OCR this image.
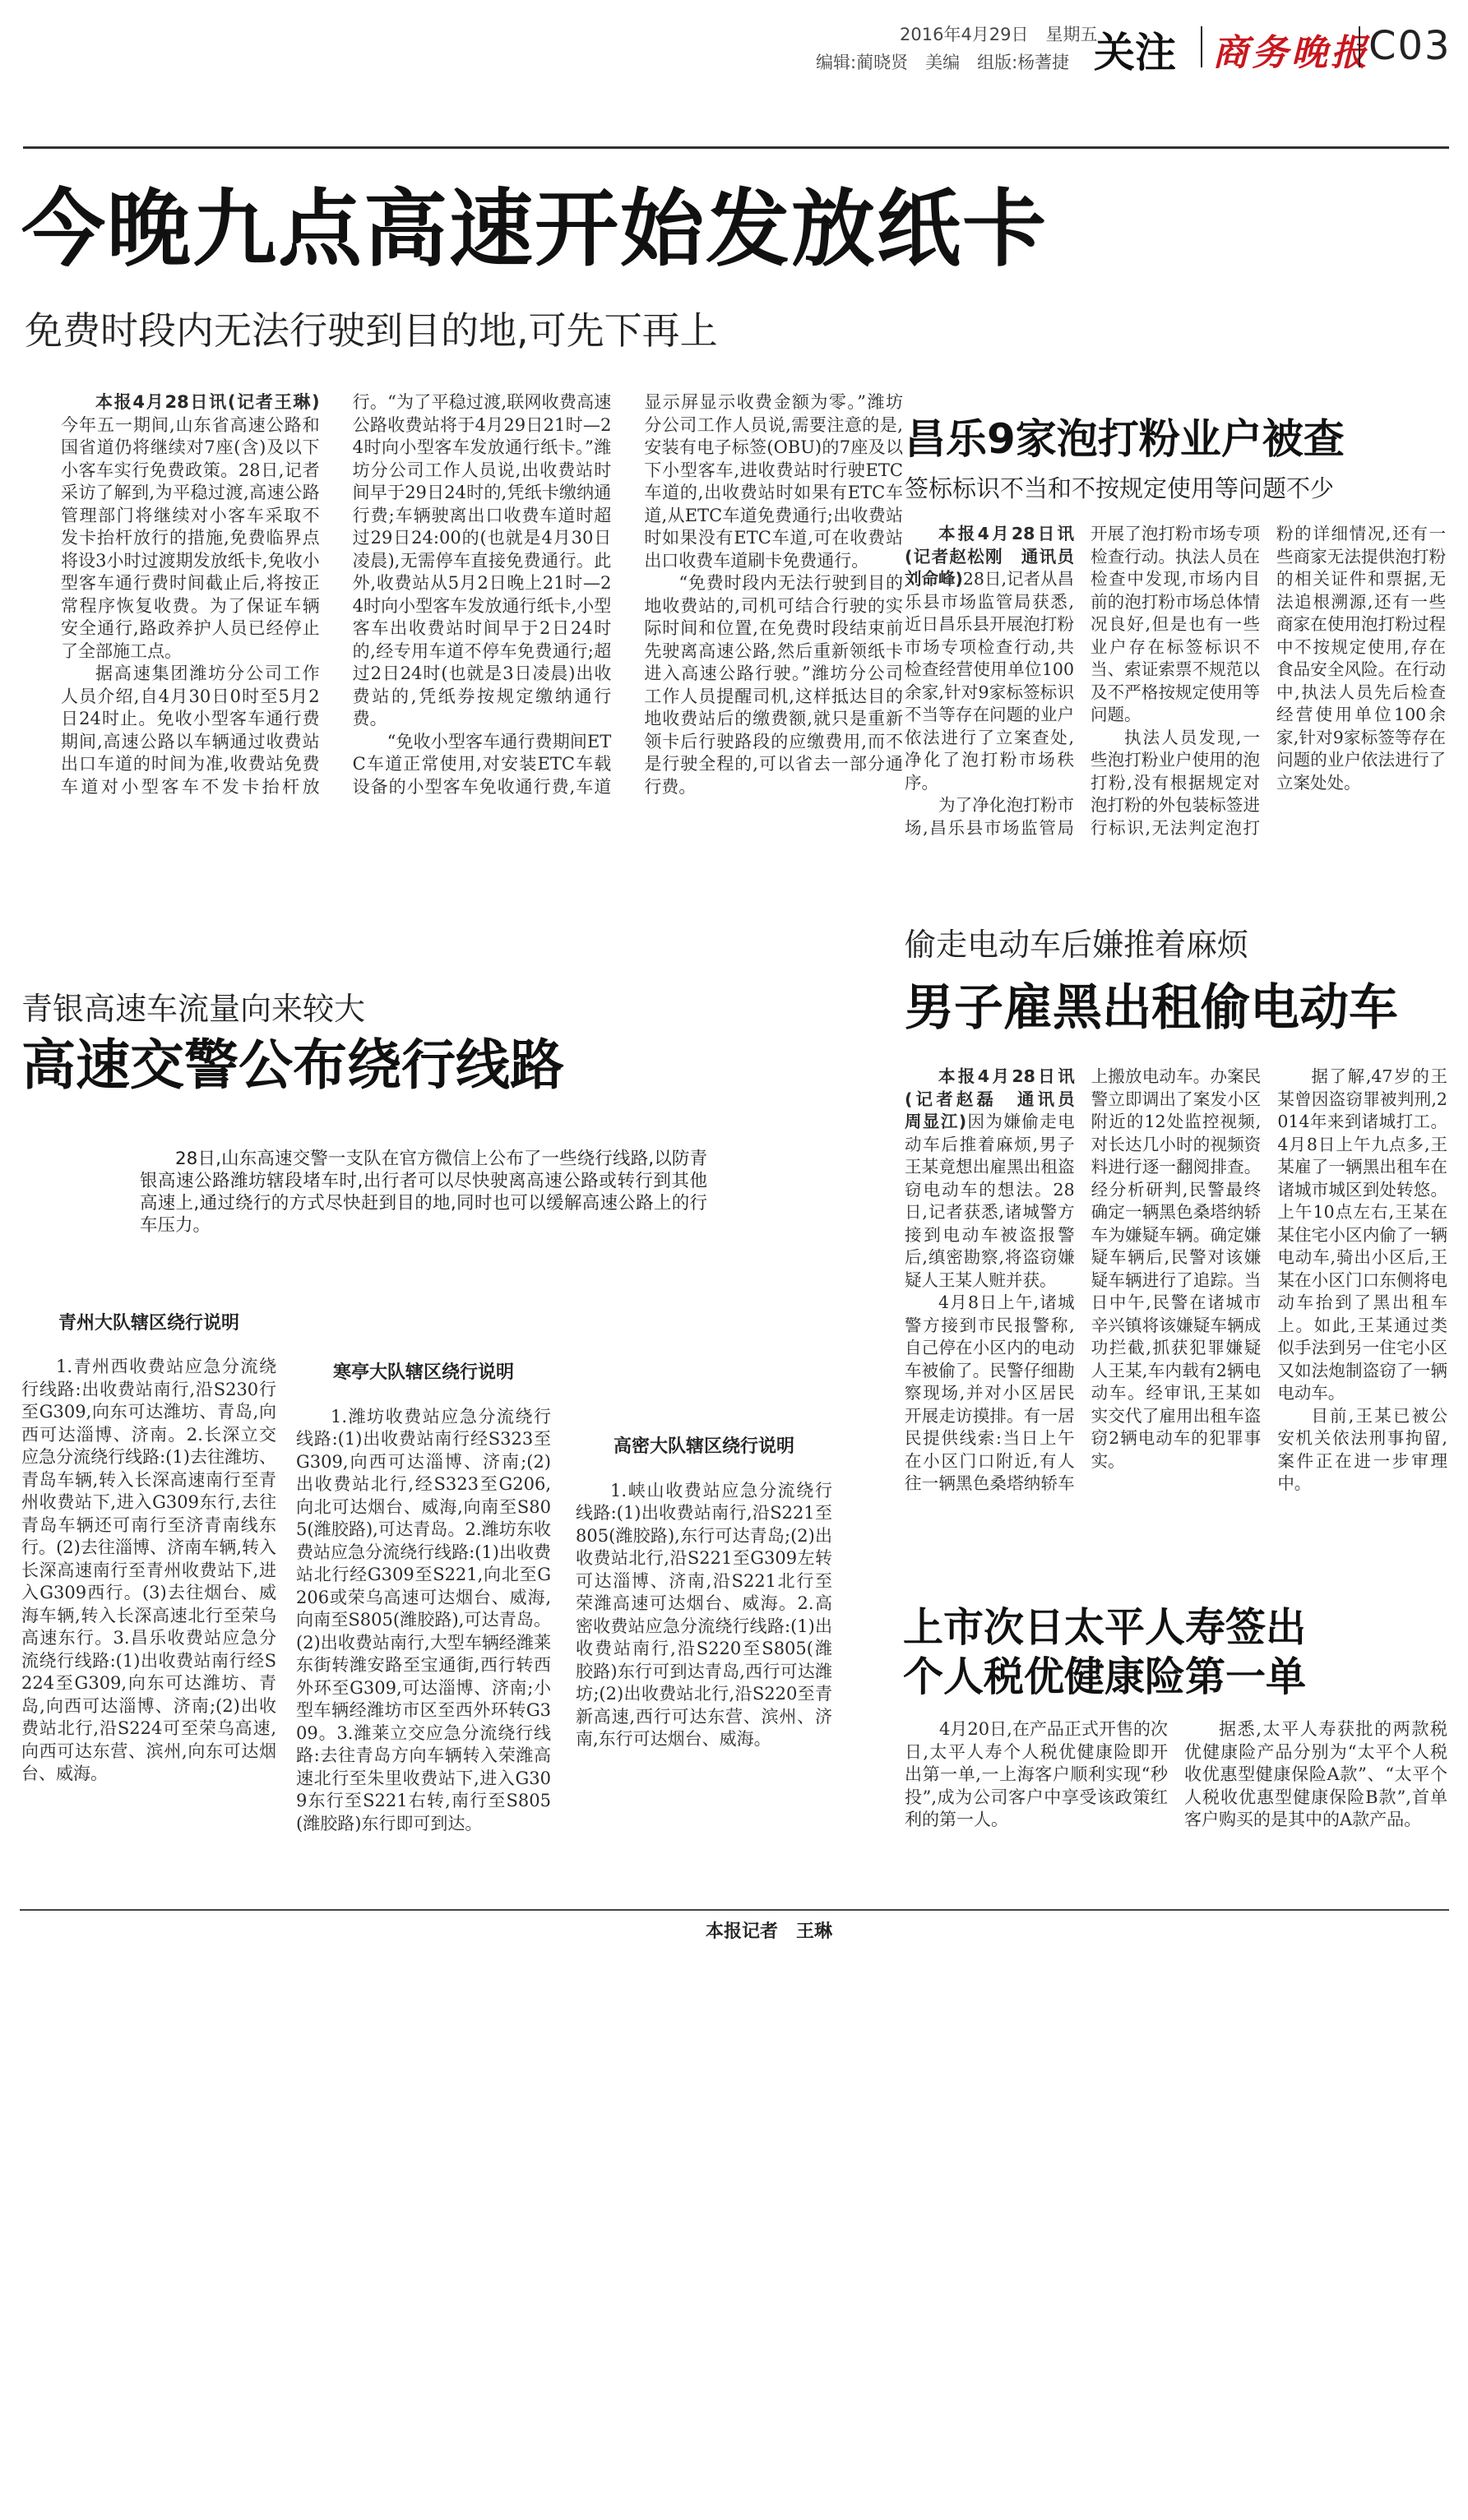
2016年4月29日　星期五
编辑:蔺晓贤　美编　组版:杨蓍捷 关注 商务晚报
C03
今晚九点高速开始发放纸卡
免费时段内无法行驶到目的地,可先下再上

本报4月28日讯(记者王琳)今年五一期间,山东省高速公路和国省道仍将继续对7座(含)及以下小客车实行免费政策。28日,记者采访了解到,为平稳过渡,高速公路管理部门将继续对小客车采取不发卡抬杆放行的措施,免费临界点将设3小时过渡期发放纸卡,免收小型客车通行费时间截止后,将按正常程序恢复收费。为了保证车辆安全通行,路政养护人员已经停止了全部施工点。

据高速集团潍坊分公司工作人员介绍,自4月30日0时至5月2日24时止。免收小型客车通行费期间,高速公路以车辆通过收费站出口车道的时间为准,收费站免费车道对小型客车不发卡抬杆放行。“为了平稳过渡,联网收费高速公路收费站将于4月29日21时—24时向小型客车发放通行纸卡。”潍坊分公司工作人员说,出收费站时间早于29日24时的,凭纸卡缴纳通行费;车辆驶离出口收费车道时超过29日24:00的(也就是4月30日凌晨),无需停车直接免费通行。此外,收费站从5月2日晚上21时—24时向小型客车发放通行纸卡,小型客车出收费站时间早于2日24时的,经专用车道不停车免费通行;超过2日24时(也就是3日凌晨)出收费站的,凭纸券按规定缴纳通行费。

“免收小型客车通行费期间ETC车道正常使用,对安装ETC车载设备的小型客车免收通行费,车道显示屏显示收费金额为零。”潍坊分公司工作人员说,需要注意的是,安装有电子标签(OBU)的7座及以下小型客车,进收费站时行驶ETC车道的,出收费站时如果有ETC车道,从ETC车道免费通行;出收费站时如果没有ETC车道,可在收费站出口收费车道刷卡免费通行。

“免费时段内无法行驶到目的地收费站的,司机可结合行驶的实际时间和位置,在免费时段结束前先驶离高速公路,然后重新领纸卡进入高速公路行驶。”潍坊分公司工作人员提醒司机,这样抵达目的地收费站后的缴费额,就只是重新领卡后行驶路段的应缴费用,而不是行驶全程的,可以省去一部分通行费。

昌乐9家泡打粉业户被查
签标标识不当和不按规定使用等问题不少

本报4月28日讯(记者赵松刚　通讯员　刘命峰)28日,记者从昌乐县市场监管局获悉,近日昌乐县开展泡打粉市场专项检查行动,共检查经营使用单位100余家,针对9家标签标识不当等存在问题的业户依法进行了立案查处,净化了泡打粉市场秩序。

为了净化泡打粉市场,昌乐县市场监管局开展了泡打粉市场专项检查行动。执法人员在检查中发现,市场内目前的泡打粉市场总体情况良好,但是也有一些业户存在标签标识不当、索证索票不规范以及不严格按规定使用等问题。

执法人员发现,一些泡打粉业户使用的泡打粉,没有根据规定对泡打粉的外包装标签进行标识,无法判定泡打粉的详细情况,还有一些商家无法提供泡打粉的相关证件和票据,无法追根溯源,还有一些商家在使用泡打粉过程中不按规定使用,存在食品安全风险。在行动中,执法人员先后检查经营使用单位100余家,针对9家标签等存在问题的业户依法进行了立案处处。

青银高速车流量向来较大
高速交警公布绕行线路

28日,山东高速交警一支队在官方微信上公布了一些绕行线路,以防青银高速公路潍坊辖段堵车时,出行者可以尽快驶离高速公路或转行到其他高速上,通过绕行的方式尽快赶到目的地,同时也可以缓解高速公路上的行车压力。

青州大队辖区绕行说明

1.青州西收费站应急分流绕行线路:出收费站南行,沿S230行至G309,向东可达潍坊、青岛,向西可达淄博、济南。2.长深立交应急分流绕行线路:(1)去往潍坊、青岛车辆,转入长深高速南行至青州收费站下,进入G309东行,去往青岛车辆还可南行至济青南线东行。(2)去往淄博、济南车辆,转入长深高速南行至青州收费站下,进入G309西行。(3)去往烟台、威海车辆,转入长深高速北行至荣乌高速东行。3.昌乐收费站应急分流绕行线路:(1)出收费站南行经S224至G309,向东可达潍坊、青岛,向西可达淄博、济南;(2)出收费站北行,沿S224可至荣乌高速,向西可达东营、滨州,向东可达烟台、威海。

寒亭大队辖区绕行说明

1.潍坊收费站应急分流绕行线路:(1)出收费站南行经S323至G309,向西可达淄博、济南;(2)出收费站北行,经S323至G206,向北可达烟台、威海,向南至S805(潍胶路),可达青岛。2.潍坊东收费站应急分流绕行线路:(1)出收费站北行经G309至S221,向北至G206或荣乌高速可达烟台、威海,向南至S805(潍胶路),可达青岛。(2)出收费站南行,大型车辆经潍莱东街转潍安路至宝通街,西行转西外环至G309,可达淄博、济南;小型车辆经潍坊市区至西外环转G309。3.潍莱立交应急分流绕行线路:去往青岛方向车辆转入荣潍高速北行至朱里收费站下,进入G309东行至S221右转,南行至S805(潍胶路)东行即可到达。

高密大队辖区绕行说明

1.峡山收费站应急分流绕行线路:(1)出收费站南行,沿S221至805(潍胶路),东行可达青岛;(2)出收费站北行,沿S221至G309左转可达淄博、济南,沿S221北行至荣潍高速可达烟台、威海。2.高密收费站应急分流绕行线路:(1)出收费站南行,沿S220至S805(潍胶路)东行可到达青岛,西行可达潍坊;(2)出收费站北行,沿S220至青新高速,西行可达东营、滨州、济南,东行可达烟台、威海。

本报记者　王琳
偷走电动车后嫌推着麻烦
男子雇黑出租偷电动车

本报4月28日讯(记者赵磊　通讯员　周显江)因为嫌偷走电动车后推着麻烦,男子王某竟想出雇黑出租盗窃电动车的想法。28日,记者获悉,诸城警方接到电动车被盗报警后,缜密勘察,将盗窃嫌疑人王某人赃并获。

4月8日上午,诸城警方接到市民报警称,自己停在小区内的电动车被偷了。民警仔细勘察现场,并对小区居民开展走访摸排。有一居民提供线索:当日上午在小区门口附近,有人往一辆黑色桑塔纳轿车上搬放电动车。办案民警立即调出了案发小区附近的12处监控视频,对长达几小时的视频资料进行逐一翻阅排查。经分析研判,民警最终确定一辆黑色桑塔纳轿车为嫌疑车辆。确定嫌疑车辆后,民警对该嫌疑车辆进行了追踪。当日中午,民警在诸城市辛兴镇将该嫌疑车辆成功拦截,抓获犯罪嫌疑人王某,车内载有2辆电动车。经审讯,王某如实交代了雇用出租车盗窃2辆电动车的犯罪事实。

据了解,47岁的王某曾因盗窃罪被判刑,2014年来到诸城打工。4月8日上午九点多,王某雇了一辆黑出租车在诸城市城区到处转悠。上午10点左右,王某在某住宅小区内偷了一辆电动车,骑出小区后,王某在小区门口东侧将电动车抬到了黑出租车上。如此,王某通过类似手法到另一住宅小区又如法炮制盗窃了一辆电动车。

目前,王某已被公安机关依法刑事拘留,案件正在进一步审理中。

上市次日太平人寿签出
个人税优健康险第一单

4月20日,在产品正式开售的次日,太平人寿个人税优健康险即开出第一单,一上海客户顺利实现“秒投”,成为公司客户中享受该政策红利的第一人。

据悉,太平人寿获批的两款税优健康险产品分别为“太平个人税收优惠型健康保险A款”、“太平个人税收优惠型健康保险B款”,首单客户购买的是其中的A款产品。
